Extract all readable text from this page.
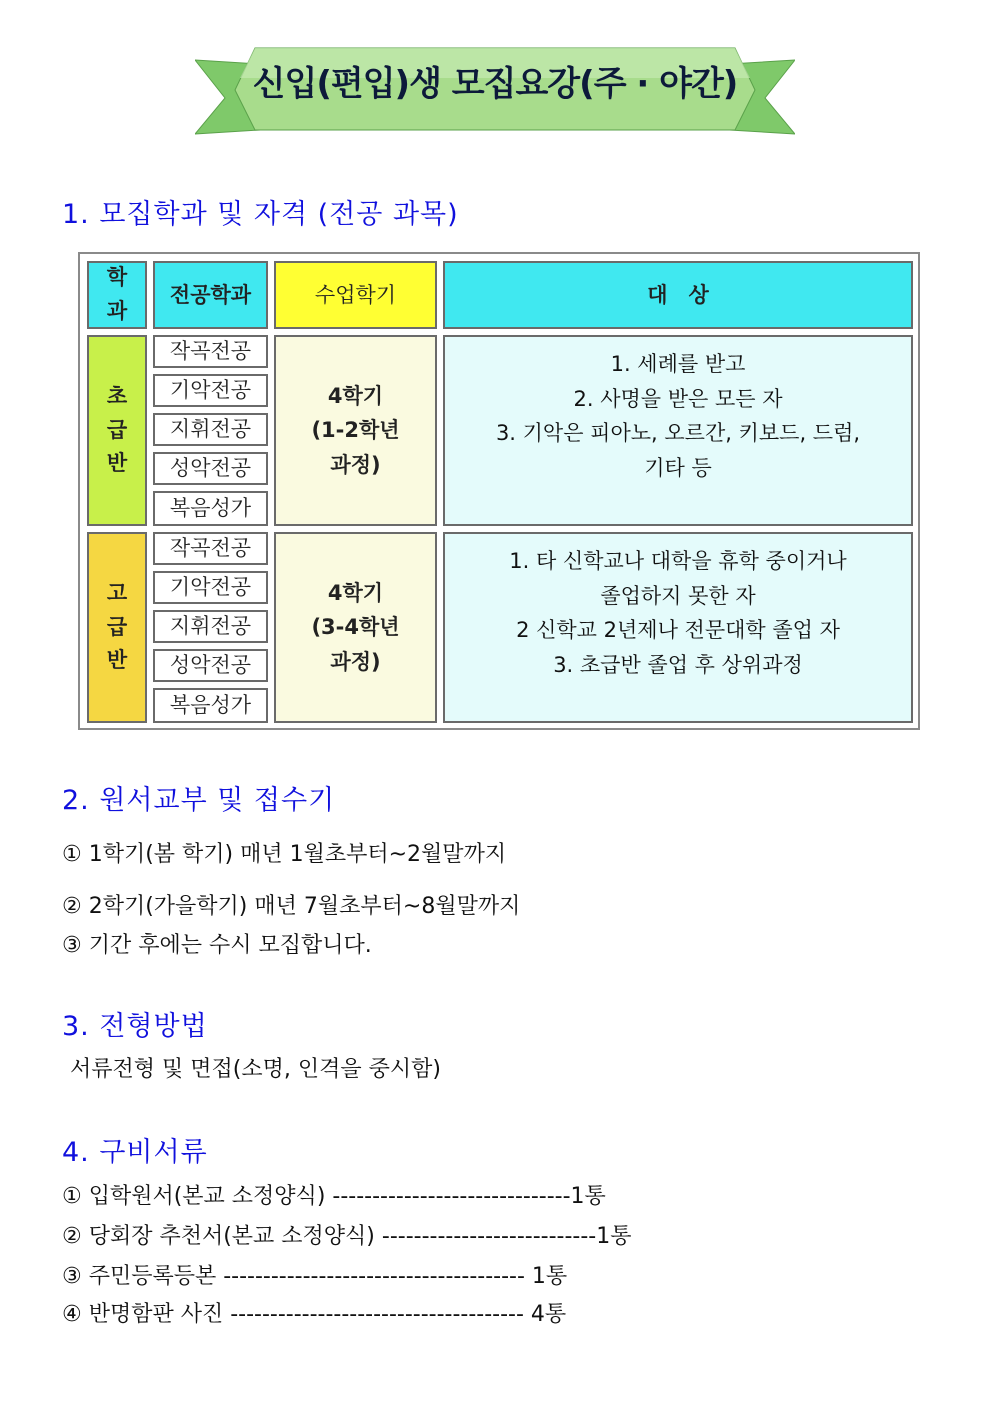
신입(편입)생 모집요강(주 · 야간)
1. 모집학과 및 자격 (전공 과목)
학
과
전공학과	수업학기	대　상
초
급
반
작곡전공
기악전공
지휘전공
성악전공
복음성가
4학기
(1-2학년
과정)
1. 세례를 받고
2. 사명을 받은 모든 자
3. 기악은 피아노, 오르간, 키보드, 드럼,
기타 등
고
급
반
작곡전공
기악전공
지휘전공
성악전공
복음성가
4학기
(3-4학년
과정)
1. 타 신학교나 대학을 휴학 중이거나
졸업하지 못한 자
2 신학교 2년제나 전문대학 졸업 자
3. 초급반 졸업 후 상위과정
2. 원서교부 및 접수기
① 1학기(봄 학기) 매년 1월초부터~2월말까지
② 2학기(가을학기) 매년 7월초부터~8월말까지
③ 기간 후에는 수시 모집합니다.
3. 전형방법
서류전형 및 면접(소명, 인격을 중시함)
4. 구비서류
① 입학원서(본교 소정양식) ------------------------------1통
② 당회장 추천서(본교 소정양식) ---------------------------1통
③ 주민등록등본 -------------------------------------- 1통
④ 반명함판 사진 ------------------------------------- 4통
